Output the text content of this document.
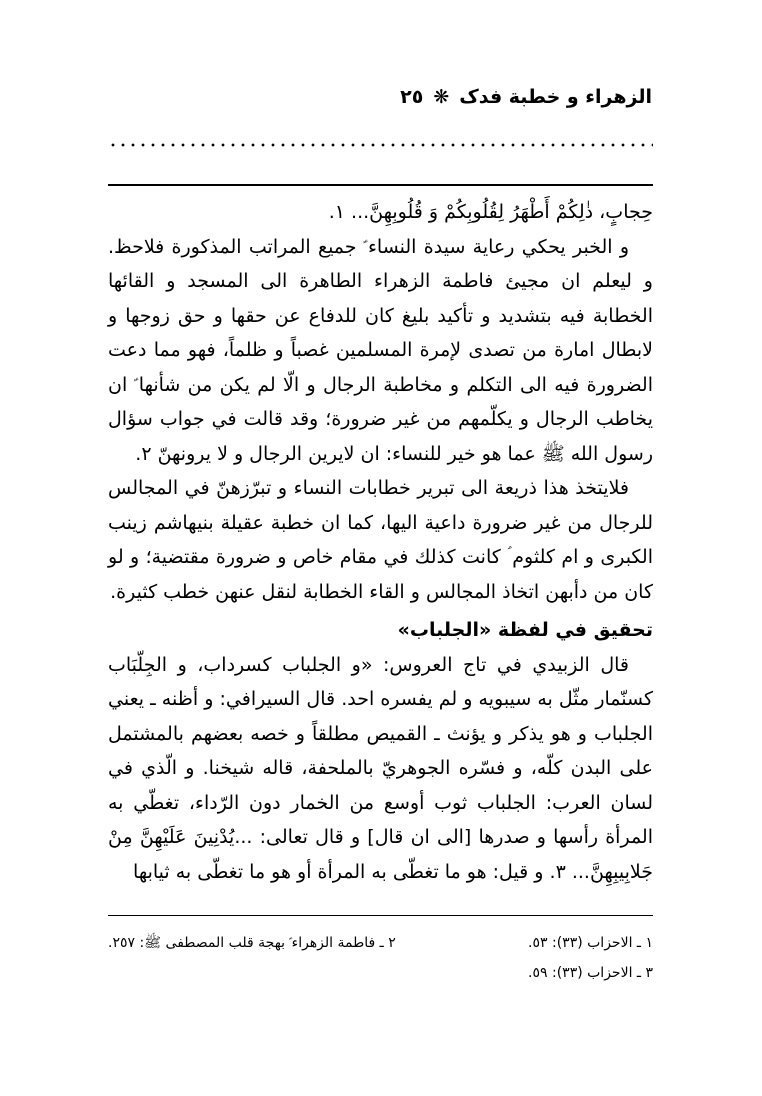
الزهراء و خطبة فدک❋٢٥

حِجابٍ، ذٰلِكُمْ أَطْهَرُ لِقُلُوبِكُمْ وَ قُلُوبِهِنَّ... ١.

و الخبر يحكي رعاية سيدة النساء ؑ جميع المراتب المذكورة فلاحظ. و ليعلم ان مجيئ فاطمة الزهراء الطاهرة الى المسجد و القائها الخطابة فيه بتشديد و تأكيد بليغ كان للدفاع عن حقها و حق زوجها و لابطال امارة من تصدى لإمرة المسلمين غصباً و ظلماً، فهو مما دعت الضرورة فيه الى التكلم و مخاطبة الرجال و الّا لم يكن من شأنها ؑ ان يخاطب الرجال و يكلّمهم من غير ضرورة؛ وقد قالت في جواب سؤال رسول الله ﷺ عما هو خير للنساء: ان لايرين الرجال و لا يرونهنّ ٢.

فلايتخذ هذا ذريعة الى تبرير خطابات النساء و تبرّزهنّ في المجالس للرجال من غير ضرورة داعية اليها، كما ان خطبة عقيلة بنيهاشم زينب الكبرى و ام كلثوم ؑ كانت كذلك في مقام خاص و ضرورة مقتضية؛ و لو كان من دأبهن اتخاذ المجالس و القاء الخطابة لنقل عنهن خطب كثيرة.

تحقيق في لفظة «الجلباب»

قال الزبيدي في تاج العروس: «و الجلباب كسرداب، و الجِلّبَاب كسنّمار مثّل به سيبويه و لم يفسره احد. قال السيرافي: و أظنه ـ يعني الجلباب و هو يذكر و يؤنث ـ القميص مطلقاً و خصه بعضهم بالمشتمل على البدن كلّه، و فسّره الجوهريّ بالملحفة، قاله شيخنا. و الّذي في لسان العرب: الجلباب ثوب أوسع من الخمار دون الرّداء، تغطّي به المرأة رأسها و صدرها [الى ان قال] و قال تعالى: ...يُدْنِينَ عَلَيْهِنَّ مِنْ جَلابِيبِهِنَّ... ٣. و قيل: هو ما تغطّى به المرأة أو هو ما تغطّى به ثيابها

١ ـ الاحزاب (٣٣): ٥٣.
٢ ـ فاطمة الزهراء ؑ بهجة قلب المصطفى ﷺ: ٢٥٧.
٣ ـ الاحزاب (٣٣): ٥٩.
